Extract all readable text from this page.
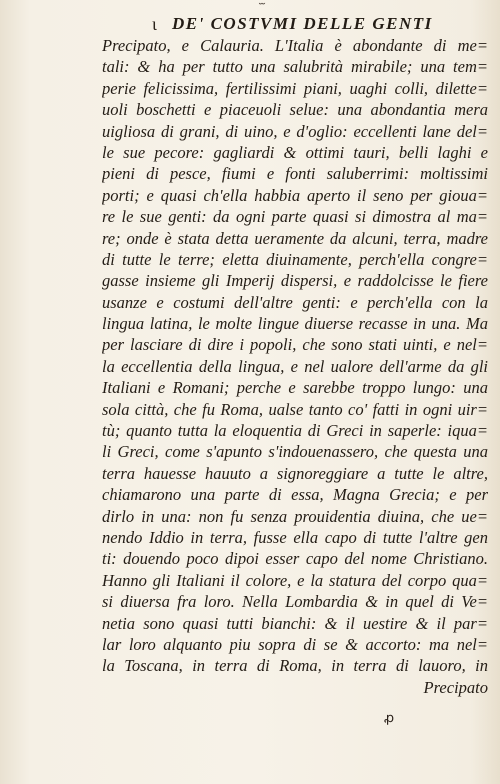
ɩ DE' COSTVMI DELLE GENTI
Precipato, e Calauria. L'Italia è abondante di me=
tali: & ha per tutto una salubrità mirabile; una tem=
perie felicissima, fertilissimi piani, uaghi colli, dilette=
uoli boschetti e piaceuoli selue: una abondantia mera
uigliosa di grani, di uino, e d'oglio: eccellenti lane del=
le sue pecore: gagliardi & ottimi tauri, belli laghi e
pieni di pesce, fiumi e fonti saluberrimi: moltissimi
porti; e quasi ch'ella habbia aperto il seno per gioua=
re le sue genti: da ogni parte quasi si dimostra al ma=
re; onde è stata detta ueramente da alcuni, terra, madre
di tutte le terre; eletta diuinamente, perch'ella congre=
gasse insieme gli Imperij dispersi, e raddolcisse le fiere
usanze e costumi dell'altre genti: e perch'ella con la
lingua latina, le molte lingue diuerse recasse in una. Ma
per lasciare di dire i popoli, che sono stati uinti, e nel=
la eccellentia della lingua, e nel ualore dell'arme da gli
Italiani e Romani; perche e sarebbe troppo lungo: una
sola città, che fu Roma, ualse tanto co' fatti in ogni uir=
tù; quanto tutta la eloquentia di Greci in saperle: iqua=
li Greci, come s'apunto s'indouenassero, che questa una
terra hauesse hauuto a signoreggiare a tutte le altre,
chiamarono una parte di essa, Magna Grecia; e per
dirlo in una: non fu senza prouidentia diuina, che ue=
nendo Iddio in terra, fusse ella capo di tutte l'altre gen
ti: douendo poco dipoi esser capo del nome Christiano.
Hanno gli Italiani il colore, e la statura del corpo qua=
si diuersa fra loro. Nella Lombardia & in quel di Ve=
netia sono quasi tutti bianchi: & il uestire & il par=
lar loro alquanto piu sopra di se & accorto: ma nel=
la Toscana, in terra di Roma, in terra di lauoro, in
Precipato
ꝓ
